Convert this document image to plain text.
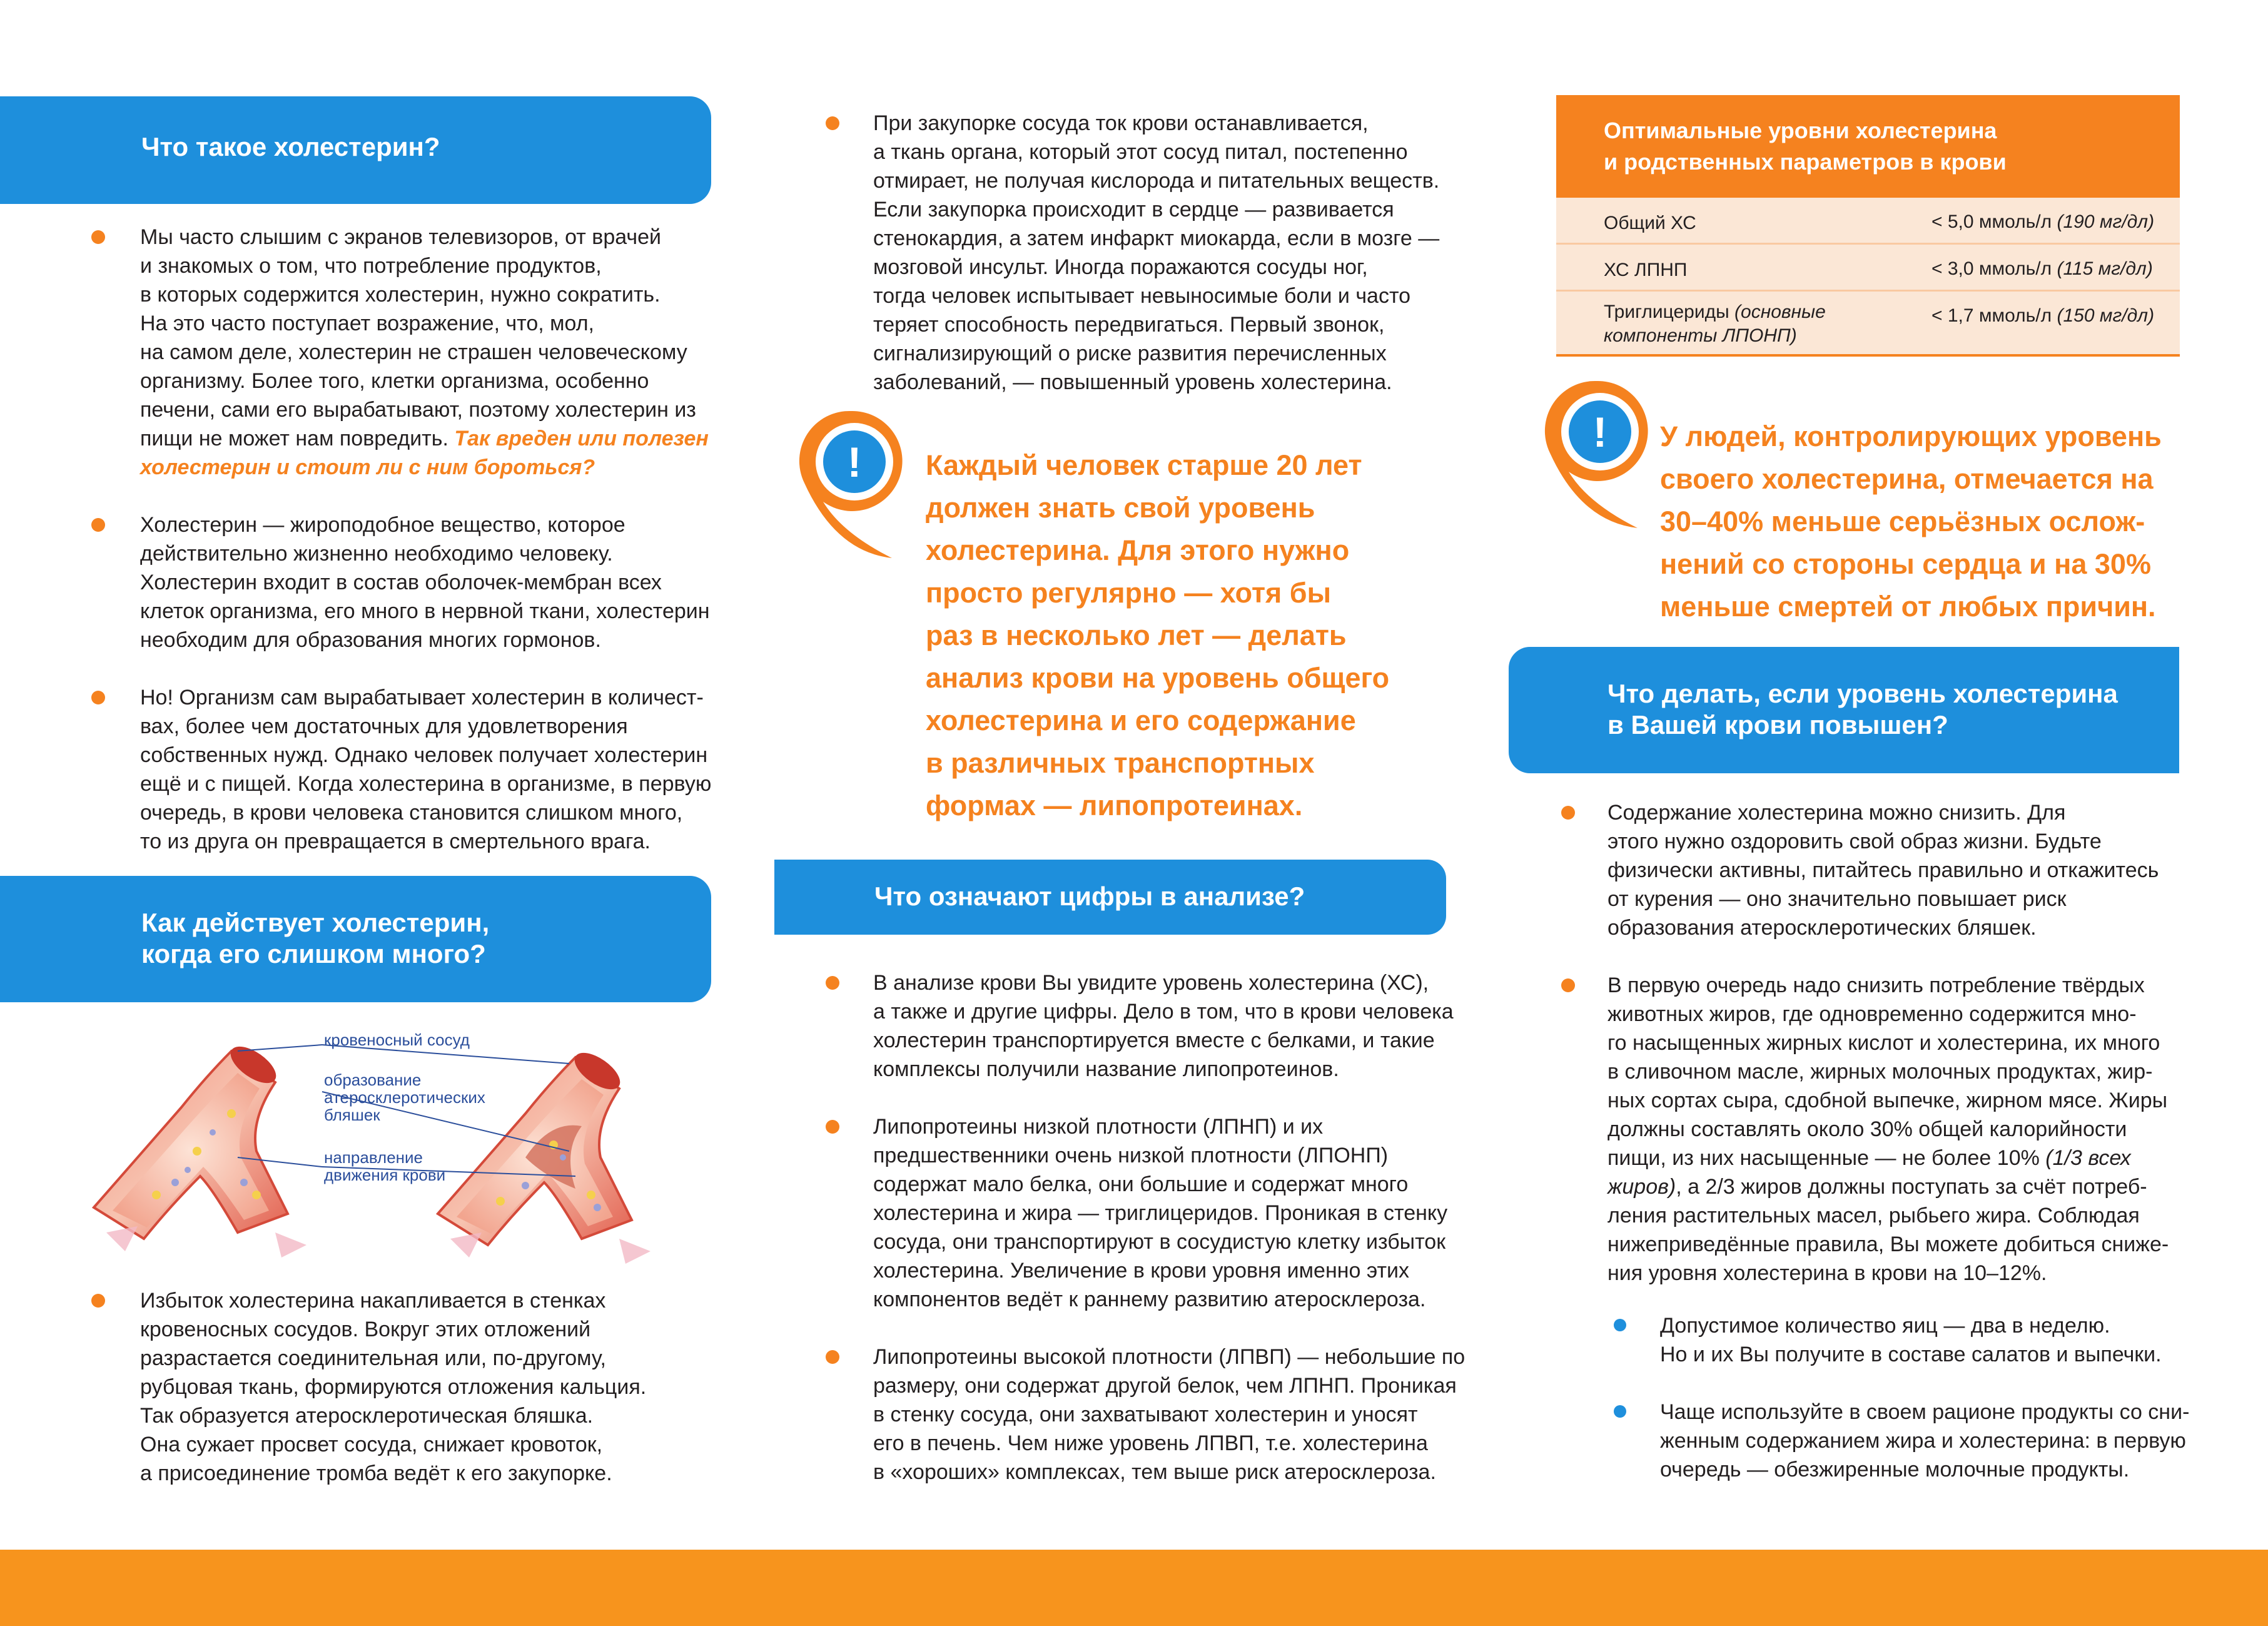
Что такое холестерин?
Мы часто слышим с экранов телевизоров, от врачей
и знакомых о том, что потребление продуктов,
в которых содержится холестерин, нужно сократить.
На это часто поступает возражение, что, мол,
на самом деле, холестерин не страшен человеческому
организму. Более того, клетки организма, особенно
печени, сами его вырабатывают, поэтому холестерин из
пищи не может нам повредить. Так вреден или полезен
холестерин и стоит ли с ним бороться?
Холестерин — жироподобное вещество, которое
действительно жизненно необходимо человеку.
Холестерин входит в состав оболочек-мембран всех
клеток организма, его много в нервной ткани, холестерин
необходим для образования многих гормонов.
Но! Организм сам вырабатывает холестерин в количест-
вах, более чем достаточных для удовлетворения
собственных нужд. Однако человек получает холестерин
ещё и с пищей. Когда холестерина в организме, в первую
очередь, в крови человека становится слишком много,
то из друга он превращается в смертельного врага.
Как действует холестерин,
когда его слишком много?
кровеносный сосуд
образование
атеросклеротических
бляшек
направление
движения крови
Избыток холестерина накапливается в стенках
кровеносных сосудов. Вокруг этих отложений
разрастается соединительная или, по-другому,
рубцовая ткань, формируются отложения кальция.
Так образуется атеросклеротическая бляшка.
Она сужает просвет сосуда, снижает кровоток,
а присоединение тромба ведёт к его закупорке.
При закупорке сосуда ток крови останавливается,
а ткань органа, который этот сосуд питал, постепенно
отмирает, не получая кислорода и питательных веществ.
Если закупорка происходит в сердце — развивается
стенокардия, а затем инфаркт миокарда, если в мозге —
мозговой инсульт. Иногда поражаются сосуды ног,
тогда человек испытывает невыносимые боли и часто
теряет способность передвигаться. Первый звонок,
сигнализирующий о риске развития перечисленных
заболеваний, — повышенный уровень холестерина.
! Каждый человек старше 20 лет
должен знать свой уровень
холестерина. Для этого нужно
просто регулярно — хотя бы
раз в несколько лет — делать
анализ крови на уровень общего
холестерина и его содержание
в различных транспортных
формах — липопротеинах.
Что означают цифры в анализе?
В анализе крови Вы увидите уровень холестерина (ХС),
а также и другие цифры. Дело в том, что в крови человека
холестерин транспортируется вместе с белками, и такие
комплексы получили название липопротеинов.
Липопротеины низкой плотности (ЛПНП) и их
предшественники очень низкой плотности (ЛПОНП)
содержат мало белка, они большие и содержат много
холестерина и жира — триглицеридов. Проникая в стенку
сосуда, они транспортируют в сосудистую клетку избыток
холестерина. Увеличение в крови уровня именно этих
компонентов ведёт к раннему развитию атеросклероза.
Липопротеины высокой плотности (ЛПВП) — небольшие по
размеру, они содержат другой белок, чем ЛПНП. Проникая
в стенку сосуда, они захватывают холестерин и уносят
его в печень. Чем ниже уровень ЛПВП, т.е. холестерина
в «хороших» комплексах, тем выше риск атеросклероза.
Оптимальные уровни холестерина
и родственных параметров в крови
Общий ХС	< 5,0 ммоль/л (190 мг/дл)
ХС ЛПНП	< 3,0 ммоль/л (115 мг/дл)
Триглицериды (основные
компоненты ЛПОНП)
< 1,7 ммоль/л (150 мг/дл)
! У людей, контролирующих уровень
своего холестерина, отмечается на
30–40% меньше серьёзных ослож-
нений со стороны сердца и на 30%
меньше смертей от любых причин.
Что делать, если уровень холестерина
в Вашей крови повышен?
Содержание холестерина можно снизить. Для
этого нужно оздоровить свой образ жизни. Будьте
физически активны, питайтесь правильно и откажитесь
от курения — оно значительно повышает риск
образования атеросклеротических бляшек.
В первую очередь надо снизить потребление твёрдых
животных жиров, где одновременно содержится мно-
го насыщенных жирных кислот и холестерина, их много
в сливочном масле, жирных молочных продуктах, жир-
ных сортах сыра, сдобной выпечке, жирном мясе. Жиры
должны составлять около 30% общей калорийности
пищи, из них насыщенные — не более 10% (1/3 всех
жиров), а 2/3 жиров должны поступать за счёт потреб-
ления растительных масел, рыбьего жира. Соблюдая
нижеприведённые правила, Вы можете добиться сниже-
ния уровня холестерина в крови на 10–12%.
Допустимое количество яиц — два в неделю.
Но и их Вы получите в составе салатов и выпечки.
Чаще используйте в своем рационе продукты со сни-
женным содержанием жира и холестерина: в первую
очередь — обезжиренные молочные продукты.
